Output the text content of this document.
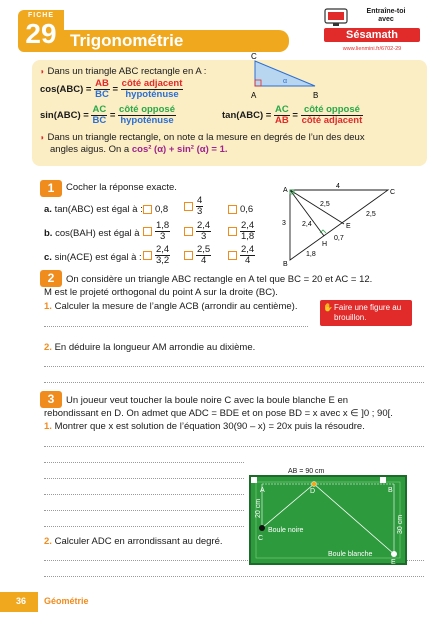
FICHE
29 Trigonométrie
Entraîne-toi
avec
Sésamath
www.lienmini.fr/6702-29
◗ Dans un triangle ABC rectangle en A :
$\cos(ABC) = \frac{AB}{BC} = \frac{\text{côté adjacent}}{\text{hypoténuse}}$
$\sin(ABC) = \frac{AC}{BC} = \frac{\text{côté opposé}}{\text{hypoténuse}}$	$\tan(ABC) = \frac{AC}{AB} = \frac{\text{côté opposé}}{\text{côté adjacent}}$
α
A	B
C
◗ Dans un triangle rectangle, on note α la mesure en degrés de l’un des deux
angles aigus. On a cos² (α) + sin² (α) = 1.
1	Cocher la réponse exacte.
a. tan(ABC) est égal à :	0,8	$\frac{4}{3}$	0,6
b. cos(BAH) est égal à : $\frac{1,8}{3}$	$\frac{2,4}{3}$	$\frac{2,4}{1,8}$
c. sin(ACE) est égal à : $\frac{2,4}{3,2}$	$\frac{2,5}{4}$	$\frac{2,4}{4}$
A	C
B
E
H
4
3 2,4
2,5
2,5
0,7
1,8
2	On considère un triangle ABC rectangle en A tel que BC = 20 et AC = 12.
M est le projeté orthogonal du point A sur la droite (BC).
1. Calculer la mesure de l’angle ACB (arrondir au centième).	✋ Faire une figure au brouillon.
2. En déduire la longueur AM arrondie au dixième.
3	Un joueur veut toucher la boule noire C avec la boule blanche E en
rebondissant en D. On admet que ADC = BDE et on pose BD = x avec x ∈ ]0 ; 90[.
1. Montrer que x est solution de l’équation 30(90 – x) = 20x puis la résoudre.
2. Calculer ADC en arrondissant au degré.
AB = 90 cm
A	B
C
D
E
Boule noire
Boule blanche
20 cm
30 cm
36 Géométrie
